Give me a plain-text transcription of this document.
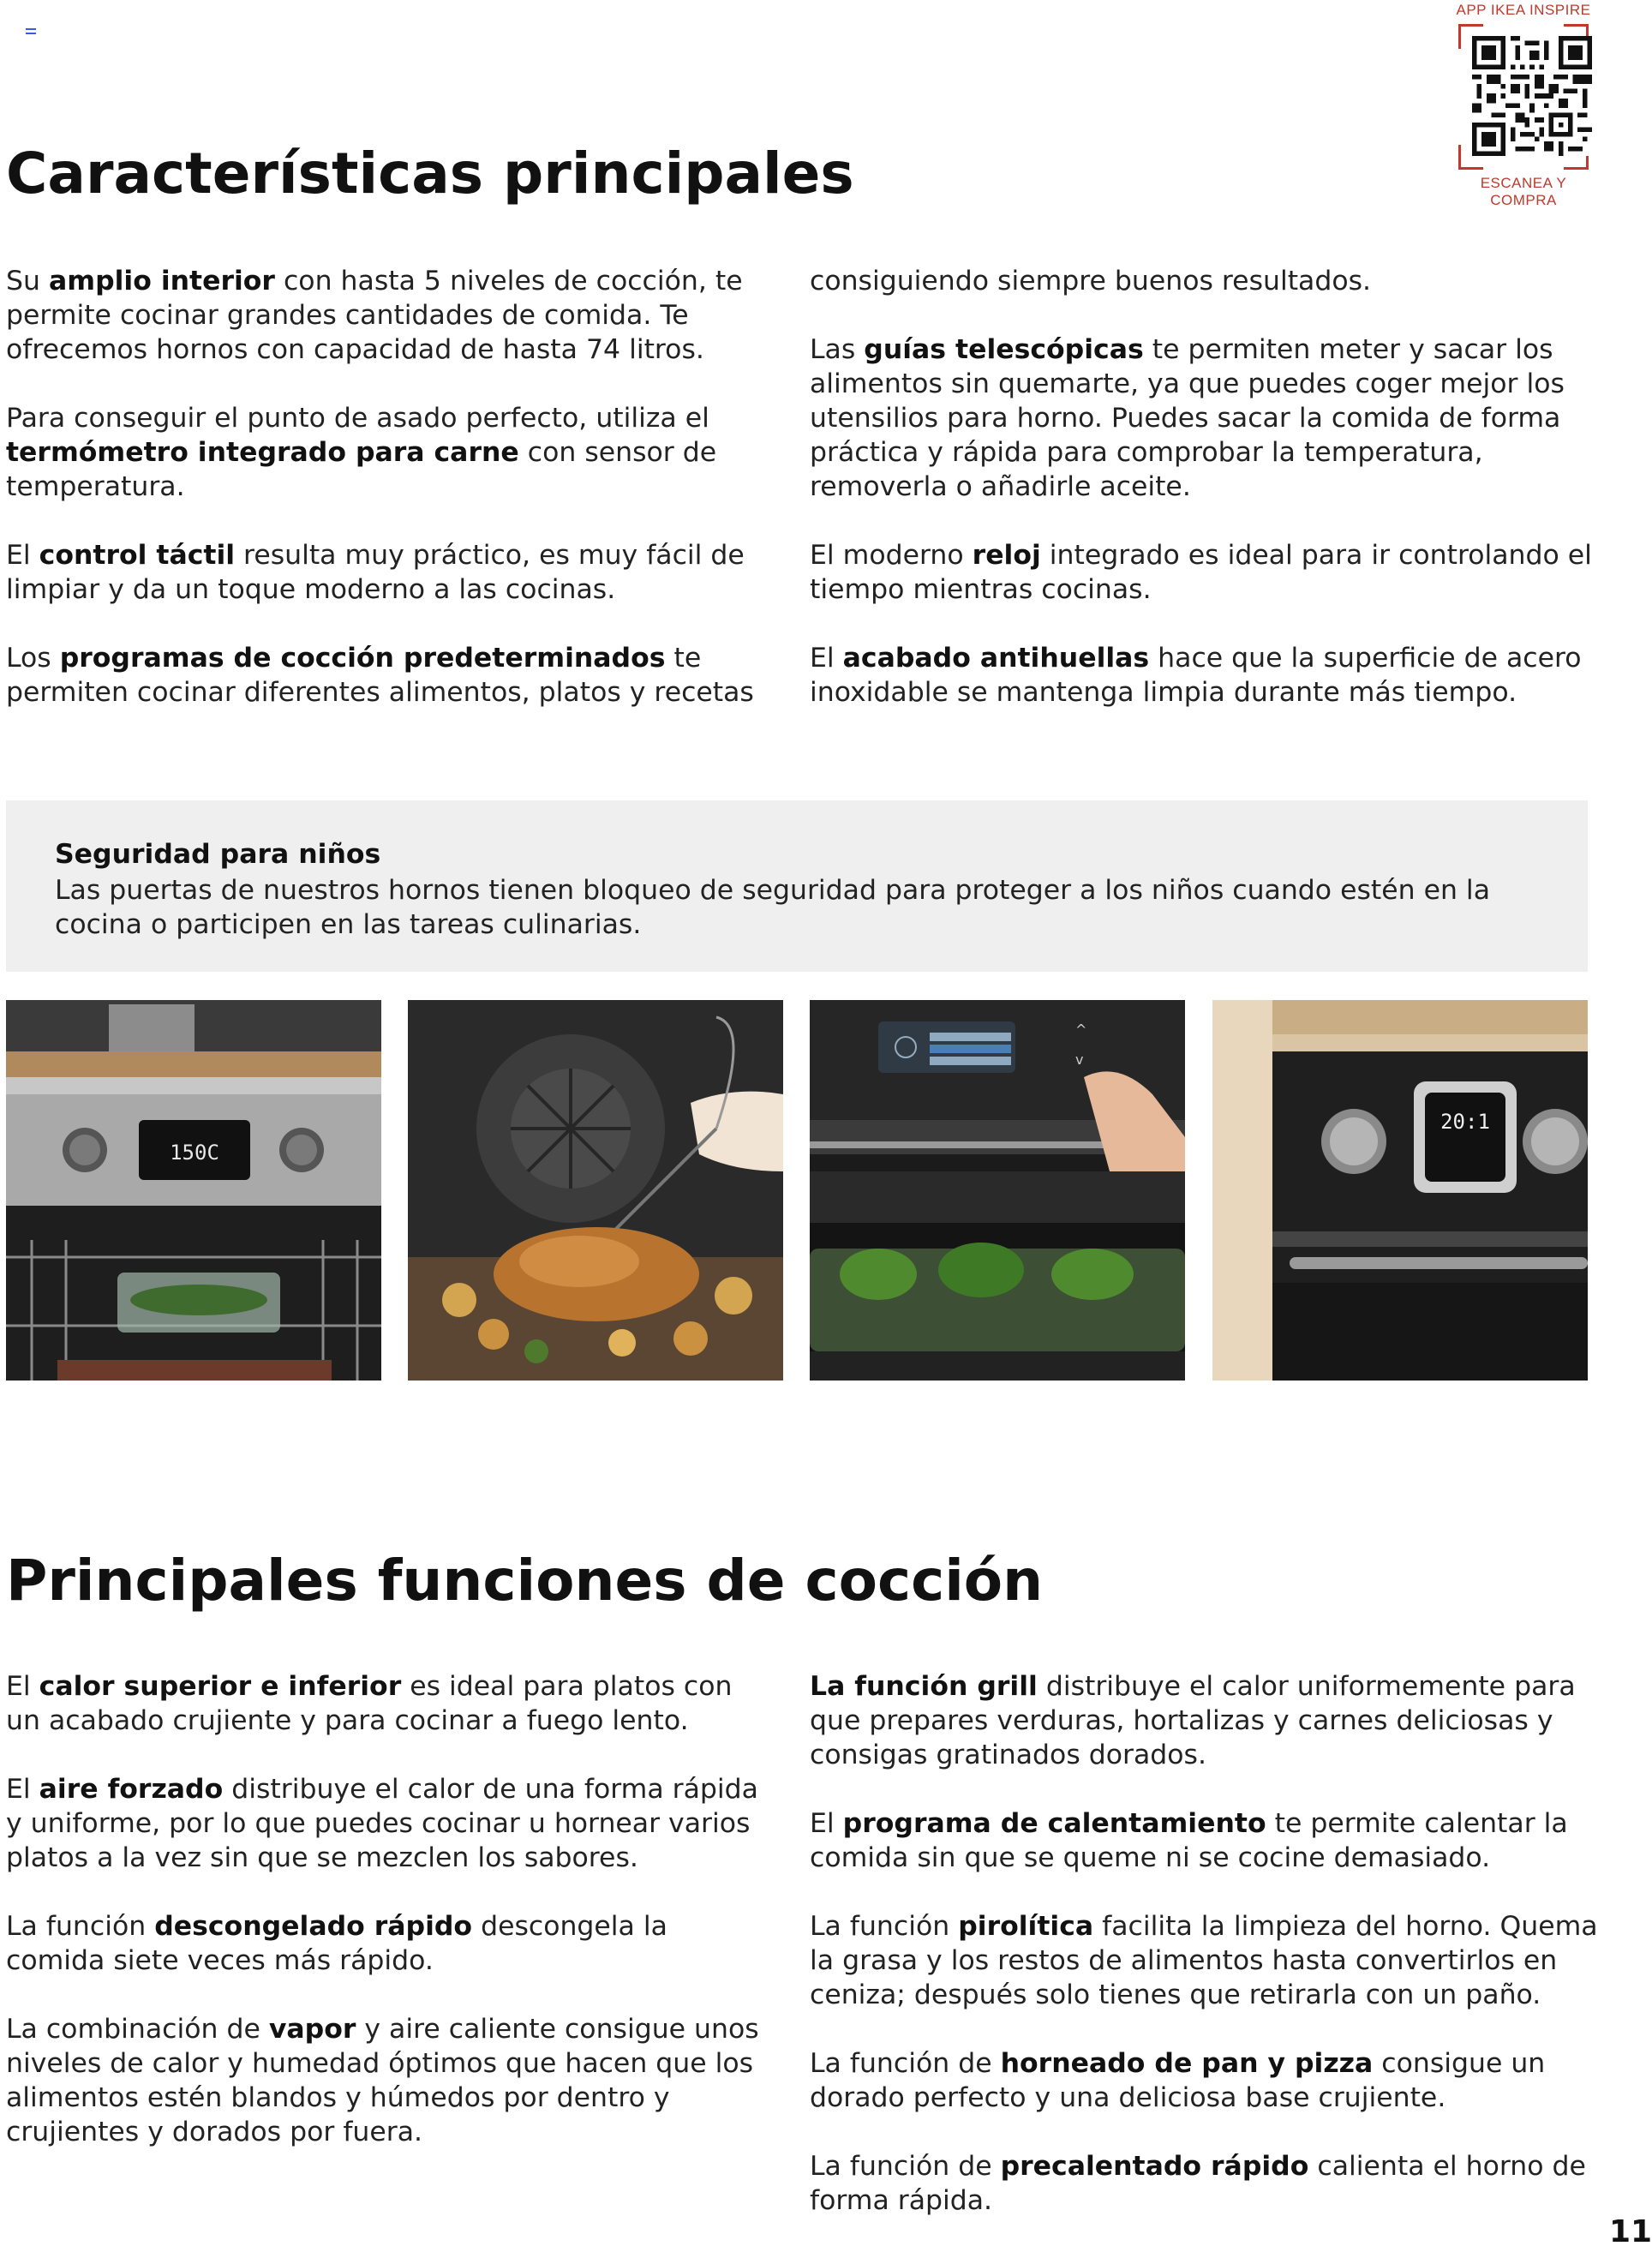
APP IKEA INSPIRE
ESCANEA Y COMPRA
Características principales

Su amplio interior con hasta 5 niveles de cocción, te permite cocinar grandes cantidades de comida. Te ofrecemos hornos con capacidad de hasta 74 litros.

Para conseguir el punto de asado perfecto, utiliza el termómetro integrado para carne con sensor de temperatura.

El control táctil resulta muy práctico, es muy fácil de limpiar y da un toque moderno a las cocinas.

Los programas de cocción predeterminados te permiten cocinar diferentes alimentos, platos y recetas

consiguiendo siempre buenos resultados.

Las guías telescópicas te permiten meter y sacar los alimentos sin quemarte, ya que puedes coger mejor los utensilios para horno. Puedes sacar la comida de forma práctica y rápida para comprobar la temperatura, removerla o añadirle aceite.

El moderno reloj integrado es ideal para ir controlando el tiempo mientras cocinas.

El acabado antihuellas hace que la superficie de acero inoxidable se mantenga limpia durante más tiempo.

Seguridad para niños
Las puertas de nuestros hornos tienen bloqueo de seguridad para proteger a los niños cuando estén en la cocina o participen en las tareas culinarias.
150C
^
v
20:1
Principales funciones de cocción

El calor superior e inferior es ideal para platos con un acabado crujiente y para cocinar a fuego lento.

El aire forzado distribuye el calor de una forma rápida y uniforme, por lo que puedes cocinar u hornear varios platos a la vez sin que se mezclen los sabores.

La función descongelado rápido descongela la comida siete veces más rápido.

La combinación de vapor y aire caliente consigue unos niveles de calor y humedad óptimos que hacen que los alimentos estén blandos y húmedos por dentro y crujientes y dorados por fuera.

La función grill distribuye el calor uniformemente para que prepares verduras, hortalizas y carnes deliciosas y consigas gratinados dorados.

El programa de calentamiento te permite calentar la comida sin que se queme ni se cocine demasiado.

La función pirolítica facilita la limpieza del horno. Quema la grasa y los restos de alimentos hasta convertirlos en ceniza; después solo tienes que retirarla con un paño.

La función de horneado de pan y pizza consigue un dorado perfecto y una deliciosa base crujiente.

La función de precalentado rápido calienta el horno de forma rápida.

11
